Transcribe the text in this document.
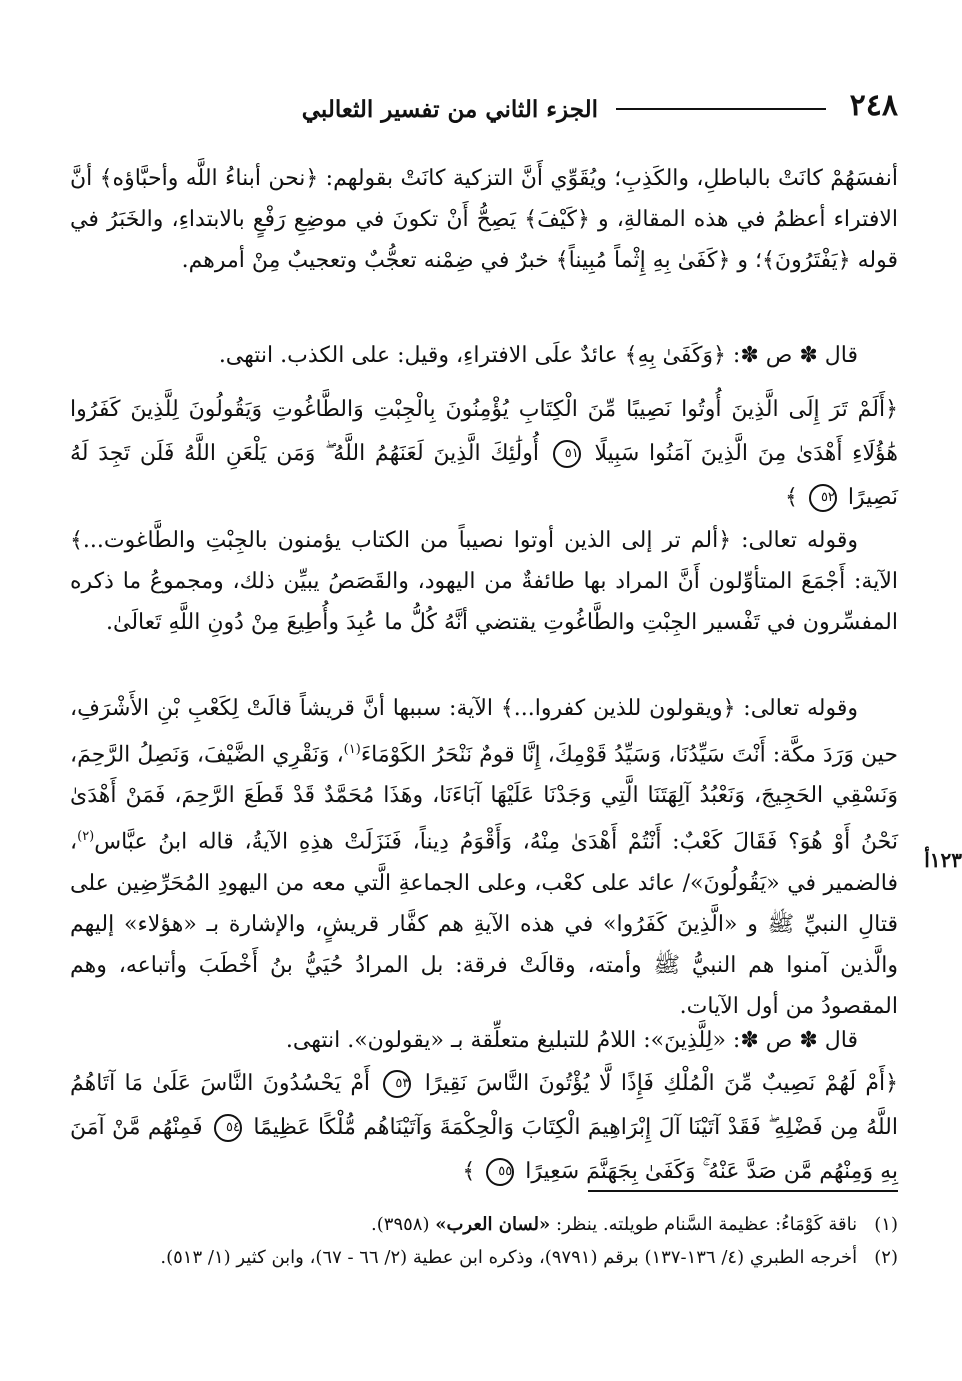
٢٤٨
الجزء الثاني من تفسير الثعالبي

أنفسَهُمْ كانَتْ بالباطلِ، والكَذِبِ؛ ويُقَوِّي أَنَّ التزكية كانَتْ بقولهم: ﴿نحن أبناءُ اللَّه وأحبَّاؤه﴾ أنَّ الافتراء أعظمُ في هذه المقالةِ، و ﴿كَيْفَ﴾ يَصِحُّ أَنْ تكونَ في موضِعِ رَفْعٍ بالابتداءِ، والخَبَرُ في قوله ﴿يَفْتَرُونَ﴾؛ و ﴿كَفَىٰ بِهِ إِثْماً مُبِيناً﴾ خبرٌ في ضِمْنه تعجُّبٌ وتعجيبٌ مِنْ أمرهم.

قال ✽ ص ✽: ﴿وَكَفَىٰ بِهِ﴾ عائدٌ علَى الافتراءِ، وقيل: على الكذب. انتهى.

﴿أَلَمْ تَرَ إِلَى الَّذِينَ أُوتُوا نَصِيبًا مِّنَ الْكِتَابِ يُؤْمِنُونَ بِالْجِبْتِ وَالطَّاغُوتِ وَيَقُولُونَ لِلَّذِينَ كَفَرُوا هَٰؤُلَاءِ أَهْدَىٰ مِنَ الَّذِينَ آمَنُوا سَبِيلًا ٥١ أُولَٰئِكَ الَّذِينَ لَعَنَهُمُ اللَّهُ ۖ وَمَن يَلْعَنِ اللَّهُ فَلَن تَجِدَ لَهُ نَصِيرًا ٥٢ ﴾

وقوله تعالى: ﴿ألم تر إلى الذين أوتوا نصيباً من الكتاب يؤمنون بالجِبْتِ والطَّاغوت...﴾ الآية: أَجْمَعَ المتأوِّلون أَنَّ المراد بها طائفةٌ من اليهود، والقَصَصُ يبيِّن ذلك، ومجموعُ ما ذكره المفسِّرون في تَفْسير الجِبْتِ والطَّاغُوتِ يقتضي أنَّهُ كُلُّ ما عُبِدَ وأُطِيعَ مِنْ دُونِ اللَّهِ تَعالَىٰ.

وقوله تعالى: ﴿ويقولون للذين كفروا...﴾ الآية: سببها أنَّ قريشاً قالَتْ لِكَعْبِ بْنِ الأَشْرَفِ، حين وَرَدَ مكَّة: أَنْتَ سَيِّدُنَا، وَسَيِّدُ قَوْمِكَ، إِنَّا قومٌ نَنْحَرُ الكَوْمَاءَ$^{(١)}$، وَنَقْرِي الضَّيْفَ، وَنَصِلُ الرَّحِمَ، وَنَسْقِي الحَجِيجَ، وَنَعْبُدُ آلِهَتَنَا الَّتِي وَجَدْنَا عَلَيْهَا آبَاءَنَا، وهَذَا مُحَمَّدٌ قَدْ قَطَعَ الرَّحِمَ، فَمَنْ أَهْدَىٰ نَحْنُ أَوْ هُوَ؟ فَقَالَ كَعْبٌ: أَنْتُمْ أَهْدَىٰ مِنْهُ، وَأَقْوَمُ دِيناً، فَنَزَلَتْ هذِهِ الآيةُ، قاله ابنُ عبَّاس$^{(٢)}$، فالضمير في «يَقُولُونَ»/ عائد على كعْب، وعلى الجماعةِ الَّتي معه من اليهودِ المُحَرِّضِين على قتالِ النبيِّ ﷺ و «الَّذِينَ كَفَرُوا» في هذه الآيةِ هم كفَّار قريشٍ، والإشارة بـ «هؤلاء» إليهم والَّذين آمنوا هم النبيُّ ﷺ وأمته، وقالَتْ فرقة: بل المرادُ حُيَيُّ بنُ أَخْطَبَ وأتباعه، وهم المقصودُ من أول الآيات.

١٢٣أ

قال ✽ ص ✽: «لِلَّذِينَ»: اللامُ للتبليغ متعلِّقة بـ «يقولون». انتهى.

﴿أَمْ لَهُمْ نَصِيبٌ مِّنَ الْمُلْكِ فَإِذًا لَّا يُؤْتُونَ النَّاسَ نَقِيرًا ٥٣ أَمْ يَحْسُدُونَ النَّاسَ عَلَىٰ مَا آتَاهُمُ اللَّهُ مِن فَضْلِهِ ۖ فَقَدْ آتَيْنَا آلَ إِبْرَاهِيمَ الْكِتَابَ وَالْحِكْمَةَ وَآتَيْنَاهُم مُّلْكًا عَظِيمًا ٥٤ فَمِنْهُم مَّنْ آمَنَ بِهِ وَمِنْهُم مَّن صَدَّ عَنْهُ ۚ وَكَفَىٰ بِجَهَنَّمَ سَعِيرًا ٥٥ ﴾

(١)   ناقة كَوْمَاءُ: عظيمة السَّنام طويلته. ينظر: «لسان العرب» (٣٩٥٨).

(٢)   أخرجه الطبري (٤/ ١٣٦-١٣٧) برقم (٩٧٩١)، وذكره ابن عطية (٢/ ٦٦ - ٦٧)، وابن كثير (١/ ٥١٣).
